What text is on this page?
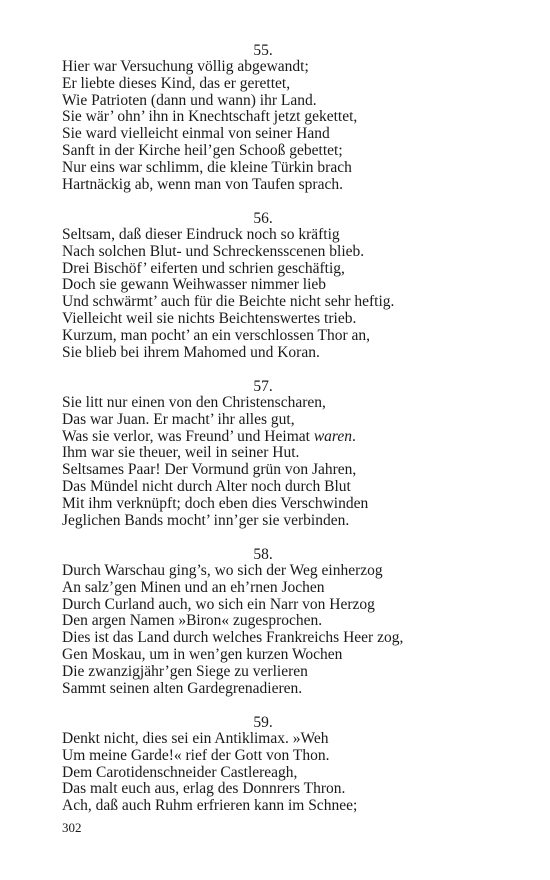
55.

Hier war Versuchung völlig abgewandt;

Er liebte dieses Kind, das er gerettet,

Wie Patrioten (dann und wann) ihr Land.

Sie wär’ ohn’ ihn in Knechtschaft jetzt gekettet,

Sie ward vielleicht einmal von seiner Hand

Sanft in der Kirche heil’gen Schooß gebettet;

Nur eins war schlimm, die kleine Türkin brach

Hartnäckig ab, wenn man von Taufen sprach.

56.

Seltsam, daß dieser Eindruck noch so kräftig

Nach solchen Blut- und Schreckensscenen blieb.

Drei Bischöf’ eiferten und schrien geschäftig,

Doch sie gewann Weihwasser nimmer lieb

Und schwärmt’ auch für die Beichte nicht sehr heftig.

Vielleicht weil sie nichts Beichtenswertes trieb.

Kurzum, man pocht’ an ein verschlossen Thor an,

Sie blieb bei ihrem Mahomed und Koran.

57.

Sie litt nur einen von den Christenscharen,

Das war Juan. Er macht’ ihr alles gut,

Was sie verlor, was Freund’ und Heimat waren.

Ihm war sie theuer, weil in seiner Hut.

Seltsames Paar! Der Vormund grün von Jahren,

Das Mündel nicht durch Alter noch durch Blut

Mit ihm verknüpft; doch eben dies Verschwinden

Jeglichen Bands mocht’ inn’ger sie verbinden.

58.

Durch Warschau ging’s, wo sich der Weg einherzog

An salz’gen Minen und an eh’rnen Jochen

Durch Curland auch, wo sich ein Narr von Herzog

Den argen Namen »Biron« zugesprochen.

Dies ist das Land durch welches Frankreichs Heer zog,

Gen Moskau, um in wen’gen kurzen Wochen

Die zwanzigjähr’gen Siege zu verlieren

Sammt seinen alten Gardegrenadieren.

59.

Denkt nicht, dies sei ein Antiklimax. »Weh

Um meine Garde!« rief der Gott von Thon.

Dem Carotidenschneider Castlereagh,

Das malt euch aus, erlag des Donnrers Thron.

Ach, daß auch Ruhm erfrieren kann im Schnee;

302
